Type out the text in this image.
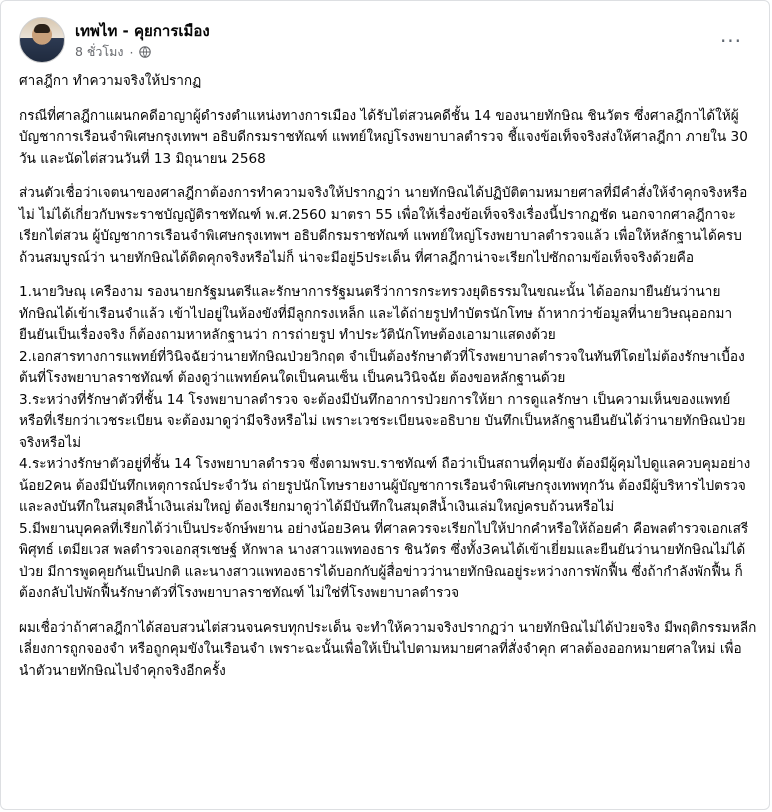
เทพไท - คุยการเมือง
8 ชั่วโมง ·	···

ศาลฎีกา ทำความจริงให้ปรากฏ

กรณีที่ศาลฎีกาแผนกคดีอาญาผู้ดำรงตำแหน่งทางการเมือง ได้รับไต่สวนคดีชั้น 14 ของนายทักษิณ ชินวัตร ซึ่งศาลฎีกาได้ให้ผู้บัญชาการเรือนจำพิเศษกรุงเทพฯ อธิบดีกรมราชทัณฑ์ แพทย์ใหญ่โรงพยาบาลตำรวจ ชี้แจงข้อเท็จจริงส่งให้ศาลฎีกา ภายใน 30 วัน และนัดไต่สวนวันที่ 13 มิถุนายน 2568

ส่วนตัวเชื่อว่าเจตนาของศาลฎีกาต้องการทำความจริงให้ปรากฏว่า นายทักษิณได้ปฏิบัติตามหมายศาลที่มีคำสั่งให้จำคุกจริงหรือไม่ ไม่ได้เกี่ยวกับพระราชบัญญัติราชทัณฑ์ พ.ศ.2560 มาตรา 55 เพื่อให้เรื่องข้อเท็จจริงเรื่องนี้ปรากฏชัด นอกจากศาลฎีกาจะเรียกไต่สวน ผู้บัญชาการเรือนจำพิเศษกรุงเทพฯ อธิบดีกรมราชทัณฑ์ แพทย์ใหญ่โรงพยาบาลตำรวจแล้ว เพื่อให้หลักฐานได้ครบถ้วนสมบูรณ์ว่า นายทักษิณได้ติดคุกจริงหรือไม่ก็ น่าจะมีอยู่5ประเด็น ที่ศาลฎีกาน่าจะเรียกไปซักถามข้อเท็จจริงด้วยคือ

1.นายวิษณุ เครืองาม รองนายกรัฐมนตรีและรักษาการรัฐมนตรีว่าการกระทรวงยุติธรรมในขณะนั้น ได้ออกมายืนยันว่านายทักษิณได้เข้าเรือนจำแล้ว เข้าไปอยู่ในห้องขังที่มีลูกกรงเหล็ก และได้ถ่ายรูปทำบัตรนักโทษ ถ้าหากว่าข้อมูลที่นายวิษณุออกมายืนยันเป็นเรื่องจริง ก็ต้องถามหาหลักฐานว่า การถ่ายรูป ทำประวัตินักโทษต้องเอามาแสดงด้วย

2.เอกสารทางการแพทย์ที่วินิจฉัยว่านายทักษิณป่วยวิกฤต จำเป็นต้องรักษาตัวที่โรงพยาบาลตำรวจในทันทีโดยไม่ต้องรักษาเบื้องต้นที่โรงพยาบาลราชทัณฑ์ ต้องดูว่าแพทย์คนใดเป็นคนเซ็น เป็นคนวินิจฉัย ต้องขอหลักฐานด้วย

3.ระหว่างที่รักษาตัวที่ชั้น 14 โรงพยาบาลตำรวจ จะต้องมีบันทึกอาการป่วยการให้ยา การดูแลรักษา เป็นความเห็นของแพทย์ หรือที่เรียกว่าเวชระเบียน จะต้องมาดูว่ามีจริงหรือไม่ เพราะเวชระเบียนจะอธิบาย บันทึกเป็นหลักฐานยืนยันได้ว่านายทักษิณป่วยจริงหรือไม่

4.ระหว่างรักษาตัวอยู่ที่ชั้น 14 โรงพยาบาลตำรวจ ซึ่งตามพรบ.ราชทัณฑ์ ถือว่าเป็นสถานที่คุมขัง ต้องมีผู้คุมไปดูแลควบคุมอย่างน้อย2คน ต้องมีบันทึกเหตุการณ์ประจำวัน ถ่ายรูปนักโทษรายงานผู้บัญชาการเรือนจำพิเศษกรุงเทพทุกวัน ต้องมีผู้บริหารไปตรวจและลงบันทึกในสมุดสีน้ำเงินเล่มใหญ่ ต้องเรียกมาดูว่าได้มีบันทึกในสมุดสีน้ำเงินเล่มใหญ่ครบถ้วนหรือไม่

5.มีพยานบุคคลที่เรียกได้ว่าเป็นประจักษ์พยาน อย่างน้อย3คน ที่ศาลควรจะเรียกไปให้ปากคำหรือให้ถ้อยคำ คือพลตำรวจเอกเสรีพิศุทธ์ เตมียเวส พลตำรวจเอกสุรเชษฐ์ หักพาล นางสาวแพทองธาร ชินวัตร ซึ่งทั้ง3คนได้เข้าเยี่ยมและยืนยันว่านายทักษิณไม่ได้ป่วย มีการพูดคุยกันเป็นปกติ และนางสาวแพทองธารได้บอกกับผู้สื่อข่าวว่านายทักษิณอยู่ระหว่างการพักฟื้น ซึ่งถ้ากำลังพักฟื้น ก็ต้องกลับไปพักฟื้นรักษาตัวที่โรงพยาบาลราชทัณฑ์ ไม่ใช่ที่โรงพยาบาลตำรวจ

ผมเชื่อว่าถ้าศาลฎีกาได้สอบสวนไต่สวนจนครบทุกประเด็น จะทำให้ความจริงปรากฏว่า นายทักษิณไม่ได้ป่วยจริง มีพฤติกรรมหลีกเลี่ยงการถูกจองจำ หรือถูกคุมขังในเรือนจำ เพราะฉะนั้นเพื่อให้เป็นไปตามหมายศาลที่สั่งจำคุก ศาลต้องออกหมายศาลใหม่ เพื่อนำตัวนายทักษิณไปจำคุกจริงอีกครั้ง
